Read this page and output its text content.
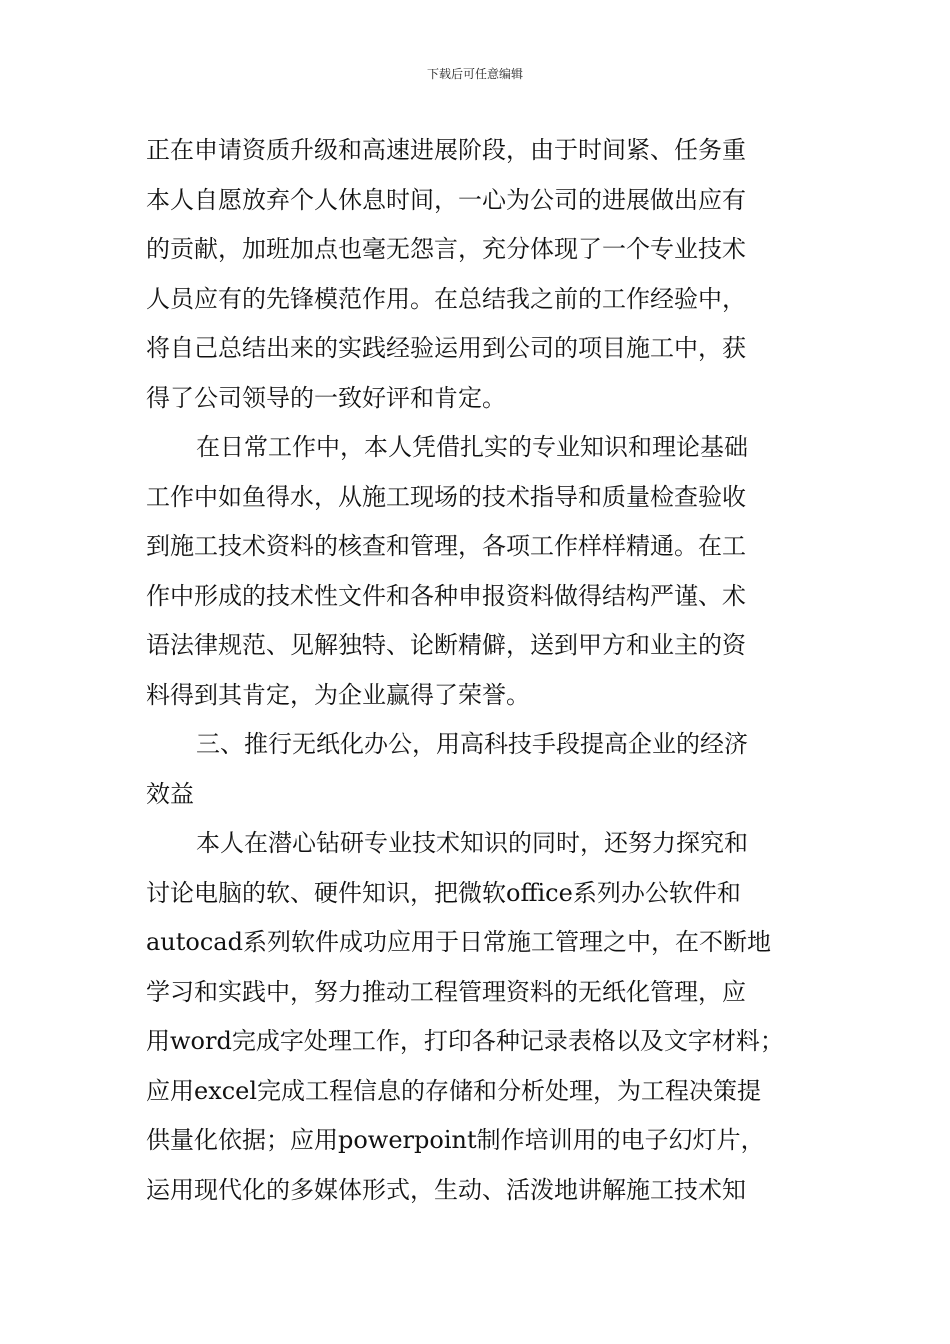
下载后可任意编辑
正在申请资质升级和高速进展阶段，由于时间紧、任务重
本人自愿放弃个人休息时间，一心为公司的进展做出应有
的贡献，加班加点也毫无怨言，充分体现了一个专业技术
人员应有的先锋模范作用。在总结我之前的工作经验中，
将自己总结出来的实践经验运用到公司的项目施工中，获
得了公司领导的一致好评和肯定。
在日常工作中，本人凭借扎实的专业知识和理论基础
工作中如鱼得水，从施工现场的技术指导和质量检查验收
到施工技术资料的核查和管理，各项工作样样精通。在工
作中形成的技术性文件和各种申报资料做得结构严谨、术
语法律规范、见解独特、论断精僻，送到甲方和业主的资
料得到其肯定，为企业赢得了荣誉。
三、推行无纸化办公，用高科技手段提高企业的经济
效益
本人在潜心钻研专业技术知识的同时，还努力探究和
讨论电脑的软、硬件知识，把微软office系列办公软件和
autocad系列软件成功应用于日常施工管理之中，在不断地
学习和实践中，努力推动工程管理资料的无纸化管理，应
用word完成字处理工作，打印各种记录表格以及文字材料；
应用excel完成工程信息的存储和分析处理，为工程决策提
供量化依据；应用powerpoint制作培训用的电子幻灯片，
运用现代化的多媒体形式，生动、活泼地讲解施工技术知
